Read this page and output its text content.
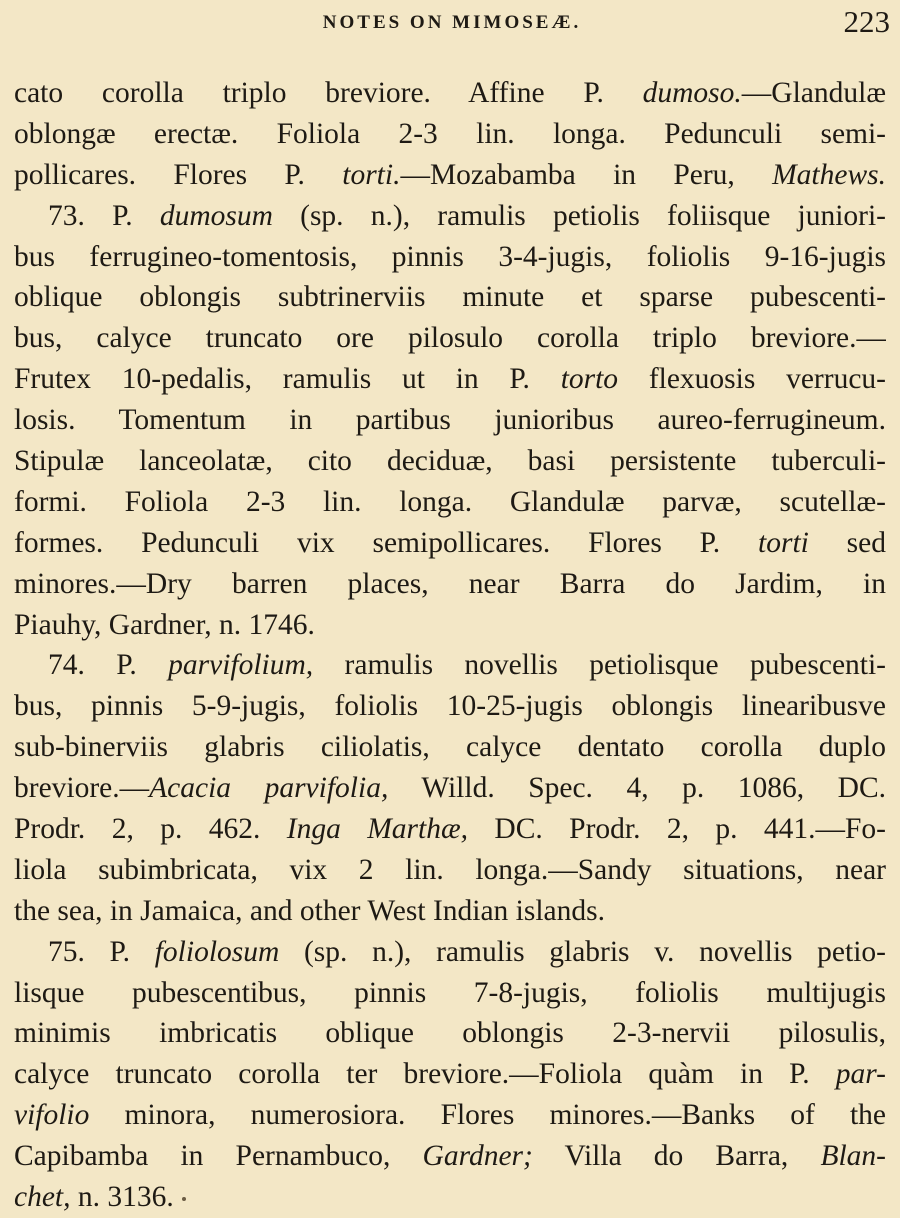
NOTES ON MIMOSEÆ.	223
cato corolla triplo breviore. Affine P. dumoso.—Glandulæ
oblongæ erectæ. Foliola 2-3 lin. longa. Pedunculi semi-
pollicares. Flores P. torti.—Mozabamba in Peru, Mathews.
73. P. dumosum (sp. n.), ramulis petiolis foliisque juniori-
bus ferrugineo-tomentosis, pinnis 3-4-jugis, foliolis 9-16-jugis
oblique oblongis subtrinerviis minute et sparse pubescenti-
bus, calyce truncato ore pilosulo corolla triplo breviore.—
Frutex 10-pedalis, ramulis ut in P. torto flexuosis verrucu-
losis. Tomentum in partibus junioribus aureo-ferrugineum.
Stipulæ lanceolatæ, cito deciduæ, basi persistente tuberculi-
formi. Foliola 2-3 lin. longa. Glandulæ parvæ, scutellæ-
formes. Pedunculi vix semipollicares. Flores P. torti sed
minores.—Dry barren places, near Barra do Jardim, in
Piauhy, Gardner, n. 1746.
74. P. parvifolium, ramulis novellis petiolisque pubescenti-
bus, pinnis 5-9-jugis, foliolis 10-25-jugis oblongis linearibusve
sub-binerviis glabris ciliolatis, calyce dentato corolla duplo
breviore.—Acacia parvifolia, Willd. Spec. 4, p. 1086, DC.
Prodr. 2, p. 462. Inga Marthæ, DC. Prodr. 2, p. 441.—Fo-
liola subimbricata, vix 2 lin. longa.—Sandy situations, near
the sea, in Jamaica, and other West Indian islands.
75. P. foliolosum (sp. n.), ramulis glabris v. novellis petio-
lisque pubescentibus, pinnis 7-8-jugis, foliolis multijugis
minimis imbricatis oblique oblongis 2-3-nervii pilosulis,
calyce truncato corolla ter breviore.—Foliola quàm in P. par-
vifolio minora, numerosiora. Flores minores.—Banks of the
Capibamba in Pernambuco, Gardner; Villa do Barra, Blan-
chet, n. 3136.
